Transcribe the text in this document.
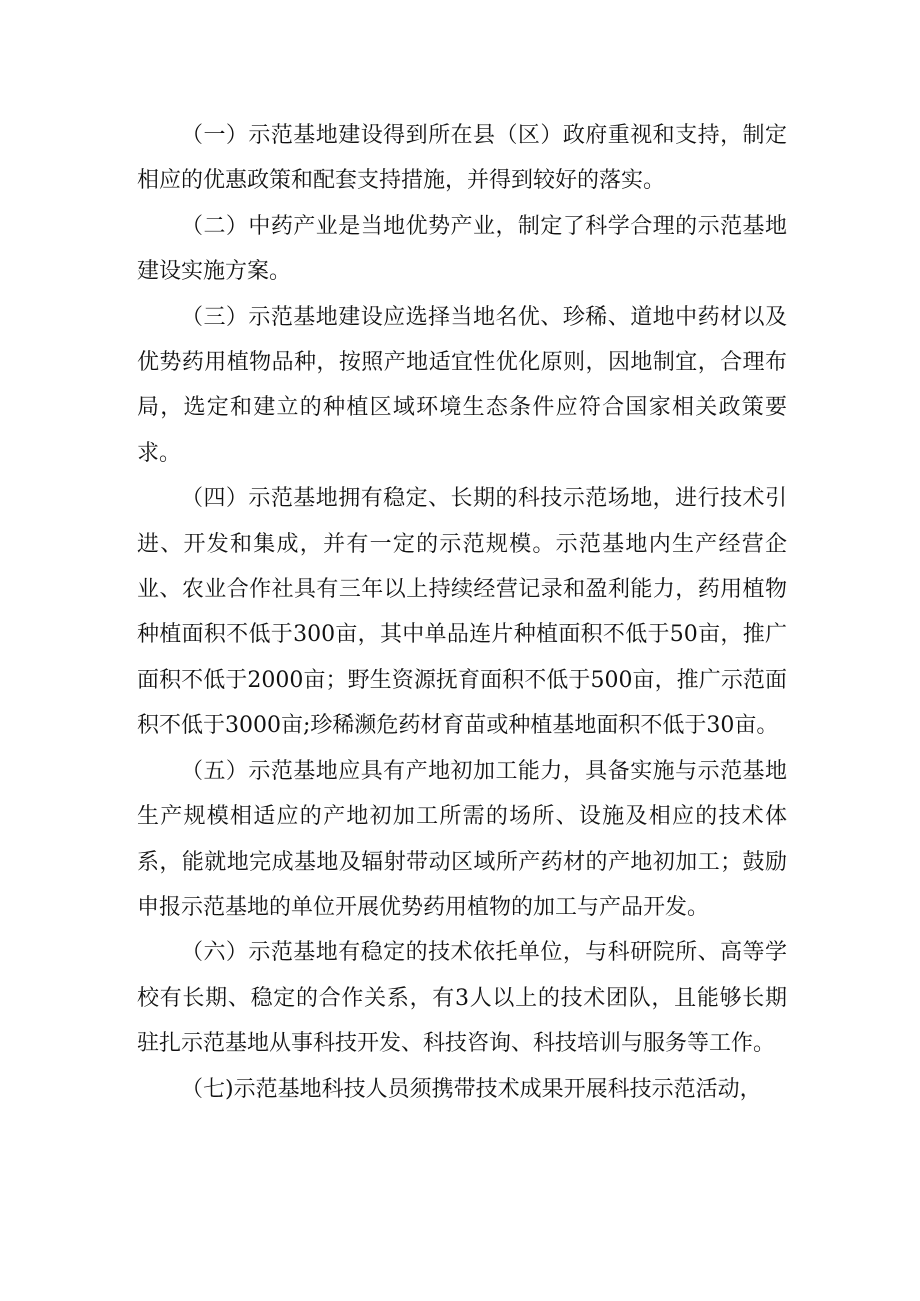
（一）示范基地建设得到所在县（区）政府重视和支持，制定相应的优惠政策和配套支持措施，并得到较好的落实。

（二）中药产业是当地优势产业，制定了科学合理的示范基地建设实施方案。

（三）示范基地建设应选择当地名优、珍稀、道地中药材以及优势药用植物品种，按照产地适宜性优化原则，因地制宜，合理布局，选定和建立的种植区域环境生态条件应符合国家相关政策要求。

（四）示范基地拥有稳定、长期的科技示范场地，进行技术引进、开发和集成，并有一定的示范规模。示范基地内生产经营企业、农业合作社具有三年以上持续经营记录和盈利能力，药用植物种植面积不低于300亩，其中单品连片种植面积不低于50亩，推广面积不低于2000亩；野生资源抚育面积不低于500亩，推广示范面积不低于3000亩;珍稀濒危药材育苗或种植基地面积不低于30亩。

（五）示范基地应具有产地初加工能力，具备实施与示范基地生产规模相适应的产地初加工所需的场所、设施及相应的技术体系，能就地完成基地及辐射带动区域所产药材的产地初加工；鼓励申报示范基地的单位开展优势药用植物的加工与产品开发。

（六）示范基地有稳定的技术依托单位，与科研院所、高等学校有长期、稳定的合作关系，有3人以上的技术团队，且能够长期驻扎示范基地从事科技开发、科技咨询、科技培训与服务等工作。

（七)示范基地科技人员须携带技术成果开展科技示范活动，
